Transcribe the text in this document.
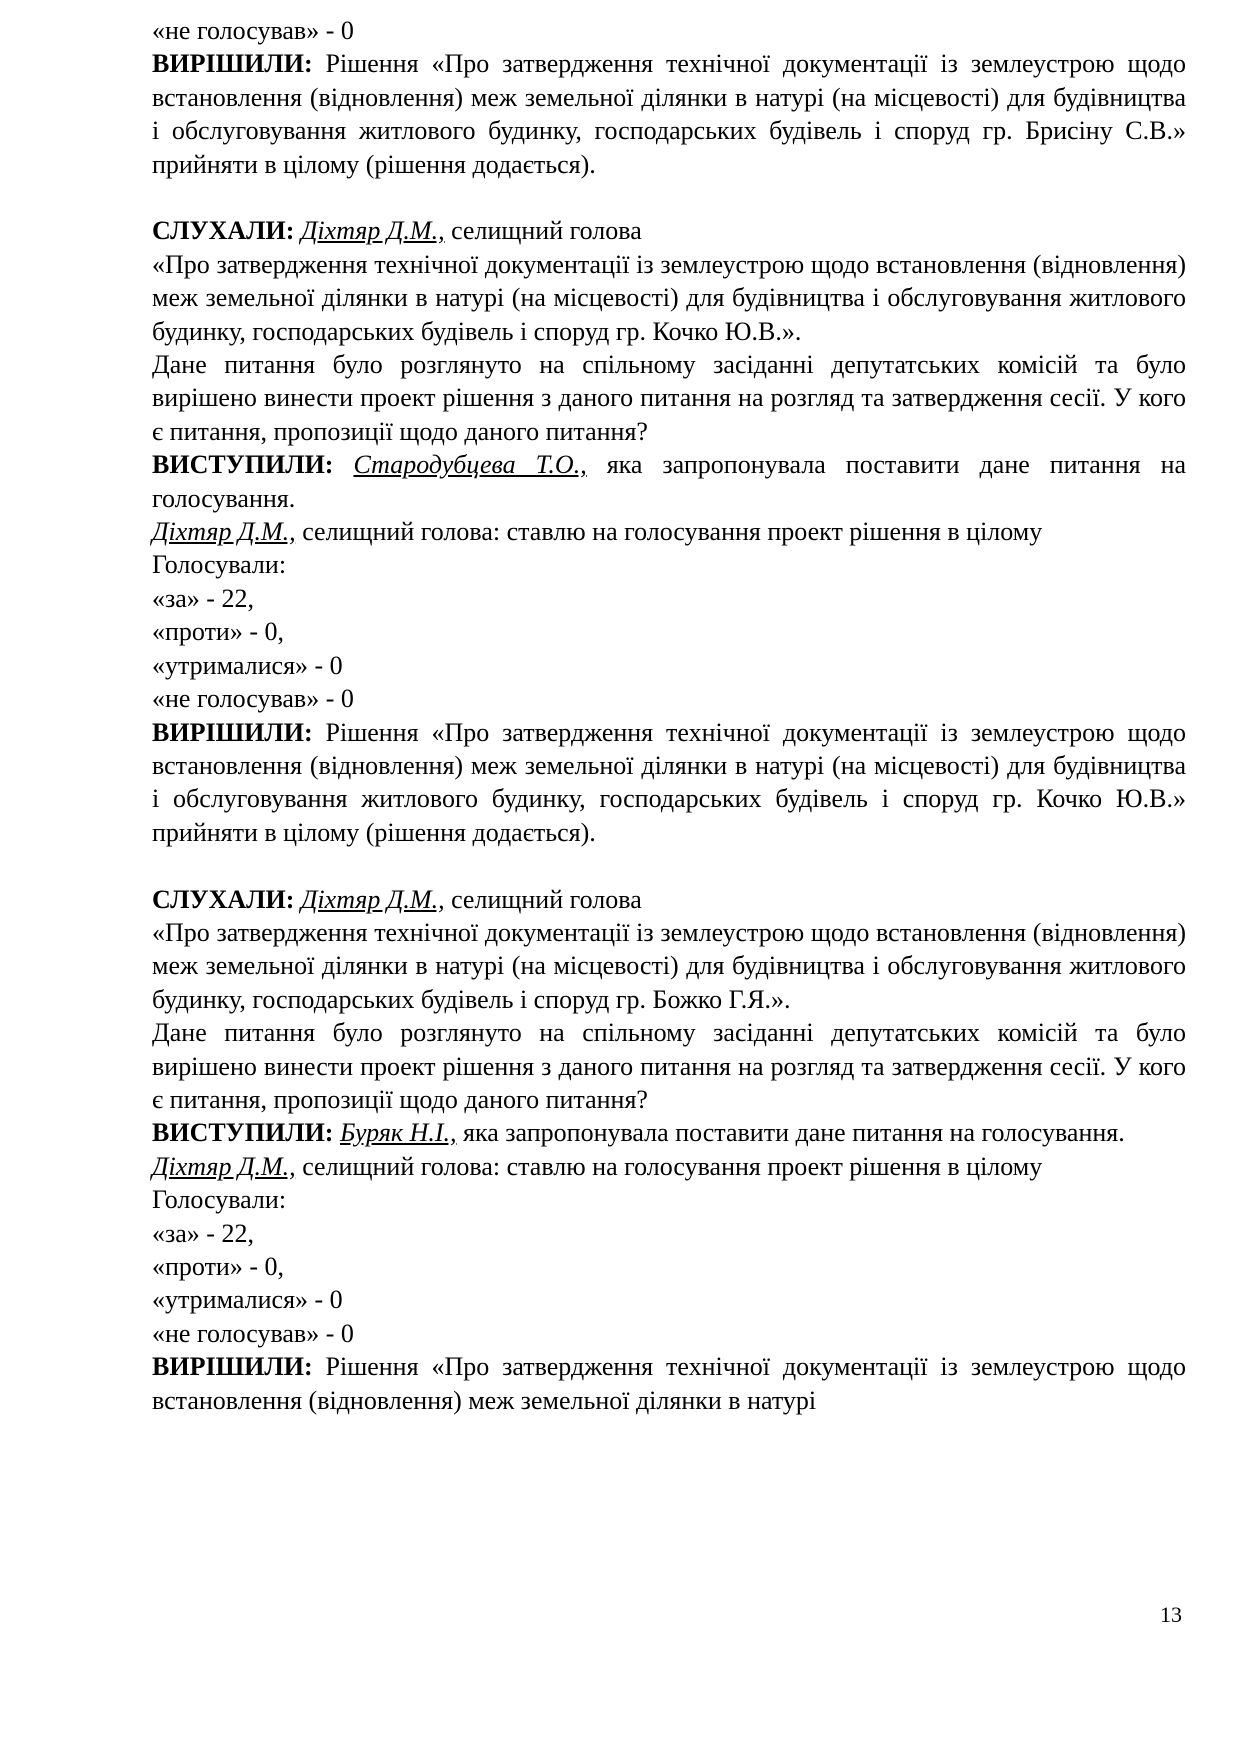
«не голосував» - 0

ВИРІШИЛИ: Рішення «Про затвердження технічної документації із землеустрою щодо встановлення (відновлення) меж земельної ділянки в натурі (на місцевості) для будівництва і обслуговування житлового будинку, господарських будівель і споруд гр. Брисіну С.В.» прийняти в цілому (рішення додається).

СЛУХАЛИ: Діхтяр Д.М., селищний голова

«Про затвердження технічної документації із землеустрою щодо встановлення (відновлення) меж земельної ділянки в натурі (на місцевості) для будівництва і обслуговування житлового будинку, господарських будівель і споруд гр. Кочко Ю.В.».

Дане питання було розглянуто на спільному засіданні депутатських комісій та було вирішено винести проект рішення з даного питання на розгляд та затвердження сесії. У кого є питання, пропозиції щодо даного питання?

ВИСТУПИЛИ: Стародубцева Т.О., яка запропонувала поставити дане питання на голосування.

Діхтяр Д.М., селищний голова: ставлю на голосування проект рішення в цілому

Голосували:

«за» - 22,

«проти» - 0,

«утрималися» - 0

«не голосував» - 0

ВИРІШИЛИ: Рішення «Про затвердження технічної документації із землеустрою щодо встановлення (відновлення) меж земельної ділянки в натурі (на місцевості) для будівництва і обслуговування житлового будинку, господарських будівель і споруд гр. Кочко Ю.В.» прийняти в цілому (рішення додається).

СЛУХАЛИ: Діхтяр Д.М., селищний голова

«Про затвердження технічної документації із землеустрою щодо встановлення (відновлення) меж земельної ділянки в натурі (на місцевості) для будівництва і обслуговування житлового будинку, господарських будівель і споруд гр. Божко Г.Я.».

Дане питання було розглянуто на спільному засіданні депутатських комісій та було вирішено винести проект рішення з даного питання на розгляд та затвердження сесії. У кого є питання, пропозиції щодо даного питання?

ВИСТУПИЛИ: Буряк Н.І., яка запропонувала поставити дане питання на голосування.

Діхтяр Д.М., селищний голова: ставлю на голосування проект рішення в цілому

Голосували:

«за» - 22,

«проти» - 0,

«утрималися» - 0

«не голосував» - 0

ВИРІШИЛИ: Рішення «Про затвердження технічної документації із землеустрою щодо встановлення (відновлення) меж земельної ділянки в натурі

13
